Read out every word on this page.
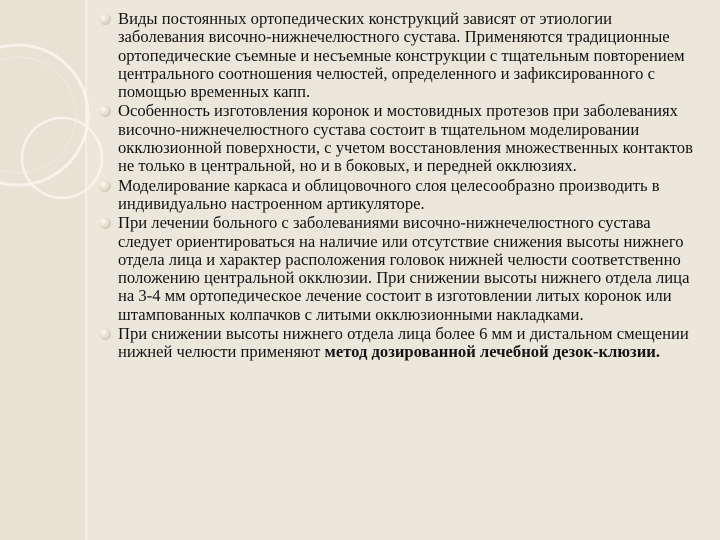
Виды постоянных ортопедических конструкций зависят от этиологии заболевания височно-нижнечелюстного сустава. Применяются традиционные ортопедические съемные и несъемные конструкции с тщательным повторением центрального соотношения челюстей, определенного и зафиксированного с помощью временных капп.
Особенность изготовления коронок и мостовидных протезов при заболеваниях височно-нижнечелюстного сустава состоит в тщательном моделировании окклюзионной поверхности, с учетом восстановления множественных контактов не только в центральной, но и в боковых, и передней окклюзиях.
Моделирование каркаса и облицовочного слоя целесообразно производить в индивидуально настроенном артикуляторе.
При лечении больного с заболеваниями височно-нижнечелюстного сустава следует ориентироваться на наличие или отсутствие снижения высоты нижнего отдела лица и характер расположения головок нижней челюсти соответственно положению центральной окклюзии. При снижении высоты нижнего отдела лица на 3-4 мм ортопедическое лечение состоит в изготовлении литых коронок или штампованных колпачков с литыми окклюзионными накладками.
При снижении высоты нижнего отдела лица более 6 мм и дистальном смещении нижней челюсти применяют метод дозированной лечебной дезок-клюзии.
